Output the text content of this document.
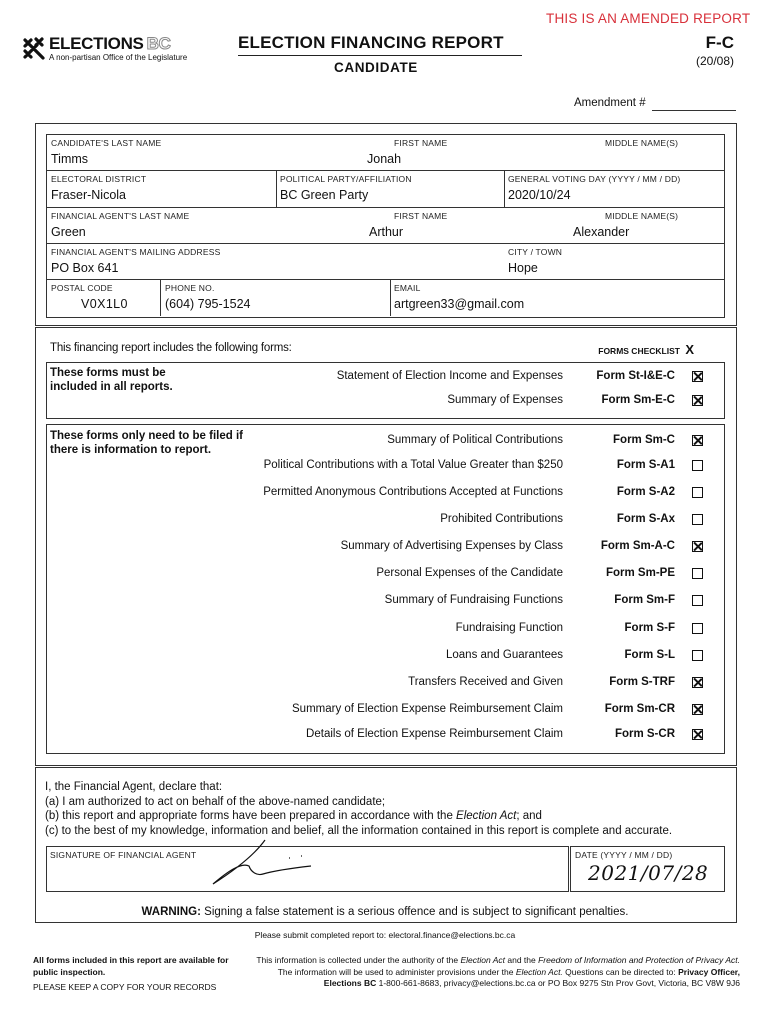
THIS IS AN AMENDED REPORT
ELECTIONS BC
A non-partisan Office of the Legislature
ELECTION FINANCING REPORT
CANDIDATE
F-C
(20/08)
Amendment #
CANDIDATE'S LAST NAME
Timms
FIRST NAME
Jonah
MIDDLE NAME(S)
ELECTORAL DISTRICT
Fraser-Nicola
POLITICAL PARTY/AFFILIATION
BC Green Party
GENERAL VOTING DAY (YYYY / MM / DD)
2020/10/24
FINANCIAL AGENT'S LAST NAME
Green
FIRST NAME
Arthur
MIDDLE NAME(S)
Alexander
FINANCIAL AGENT'S MAILING ADDRESS
PO Box 641
CITY / TOWN
Hope
POSTAL CODE
V0X1L0
PHONE NO.
(604) 795-1524
EMAIL
artgreen33@gmail.com
This financing report includes the following forms:	FORMS CHECKLIST X
These forms must be included in all reports.
These forms only need to be filed if there is information to report.
Statement of Election Income and Expenses	Form St-I&E-C
Summary of Expenses	Form Sm-E-C
Summary of Political Contributions	Form Sm-C
Political Contributions with a Total Value Greater than $250	Form S-A1
Permitted Anonymous Contributions Accepted at Functions	Form S-A2
Prohibited Contributions	Form S-Ax
Summary of Advertising Expenses by Class	Form Sm-A-C
Personal Expenses of the Candidate	Form Sm-PE
Summary of Fundraising Functions	Form Sm-F
Fundraising Function	Form S-F
Loans and Guarantees	Form S-L
Transfers Received and Given	Form S-TRF
Summary of Election Expense Reimbursement Claim	Form Sm-CR
Details of Election Expense Reimbursement Claim	Form S-CR
I, the Financial Agent, declare that:
(a) I am authorized to act on behalf of the above-named candidate;
(b) this report and appropriate forms have been prepared in accordance with the Election Act; and
(c) to the best of my knowledge, information and belief, all the information contained in this report is complete and accurate.
SIGNATURE OF FINANCIAL AGENT	DATE (YYYY / MM / DD)
2021/07/28
WARNING: Signing a false statement is a serious offence and is subject to significant penalties.
Please submit completed report to: electoral.finance@elections.bc.ca
All forms included in this report are available for public inspection.
PLEASE KEEP A COPY FOR YOUR RECORDS
This information is collected under the authority of the Election Act and the Freedom of Information and Protection of Privacy Act.
The information will be used to administer provisions under the Election Act. Questions can be directed to: Privacy Officer,
Elections BC 1-800-661-8683, privacy@elections.bc.ca or PO Box 9275 Stn Prov Govt, Victoria, BC V8W 9J6
